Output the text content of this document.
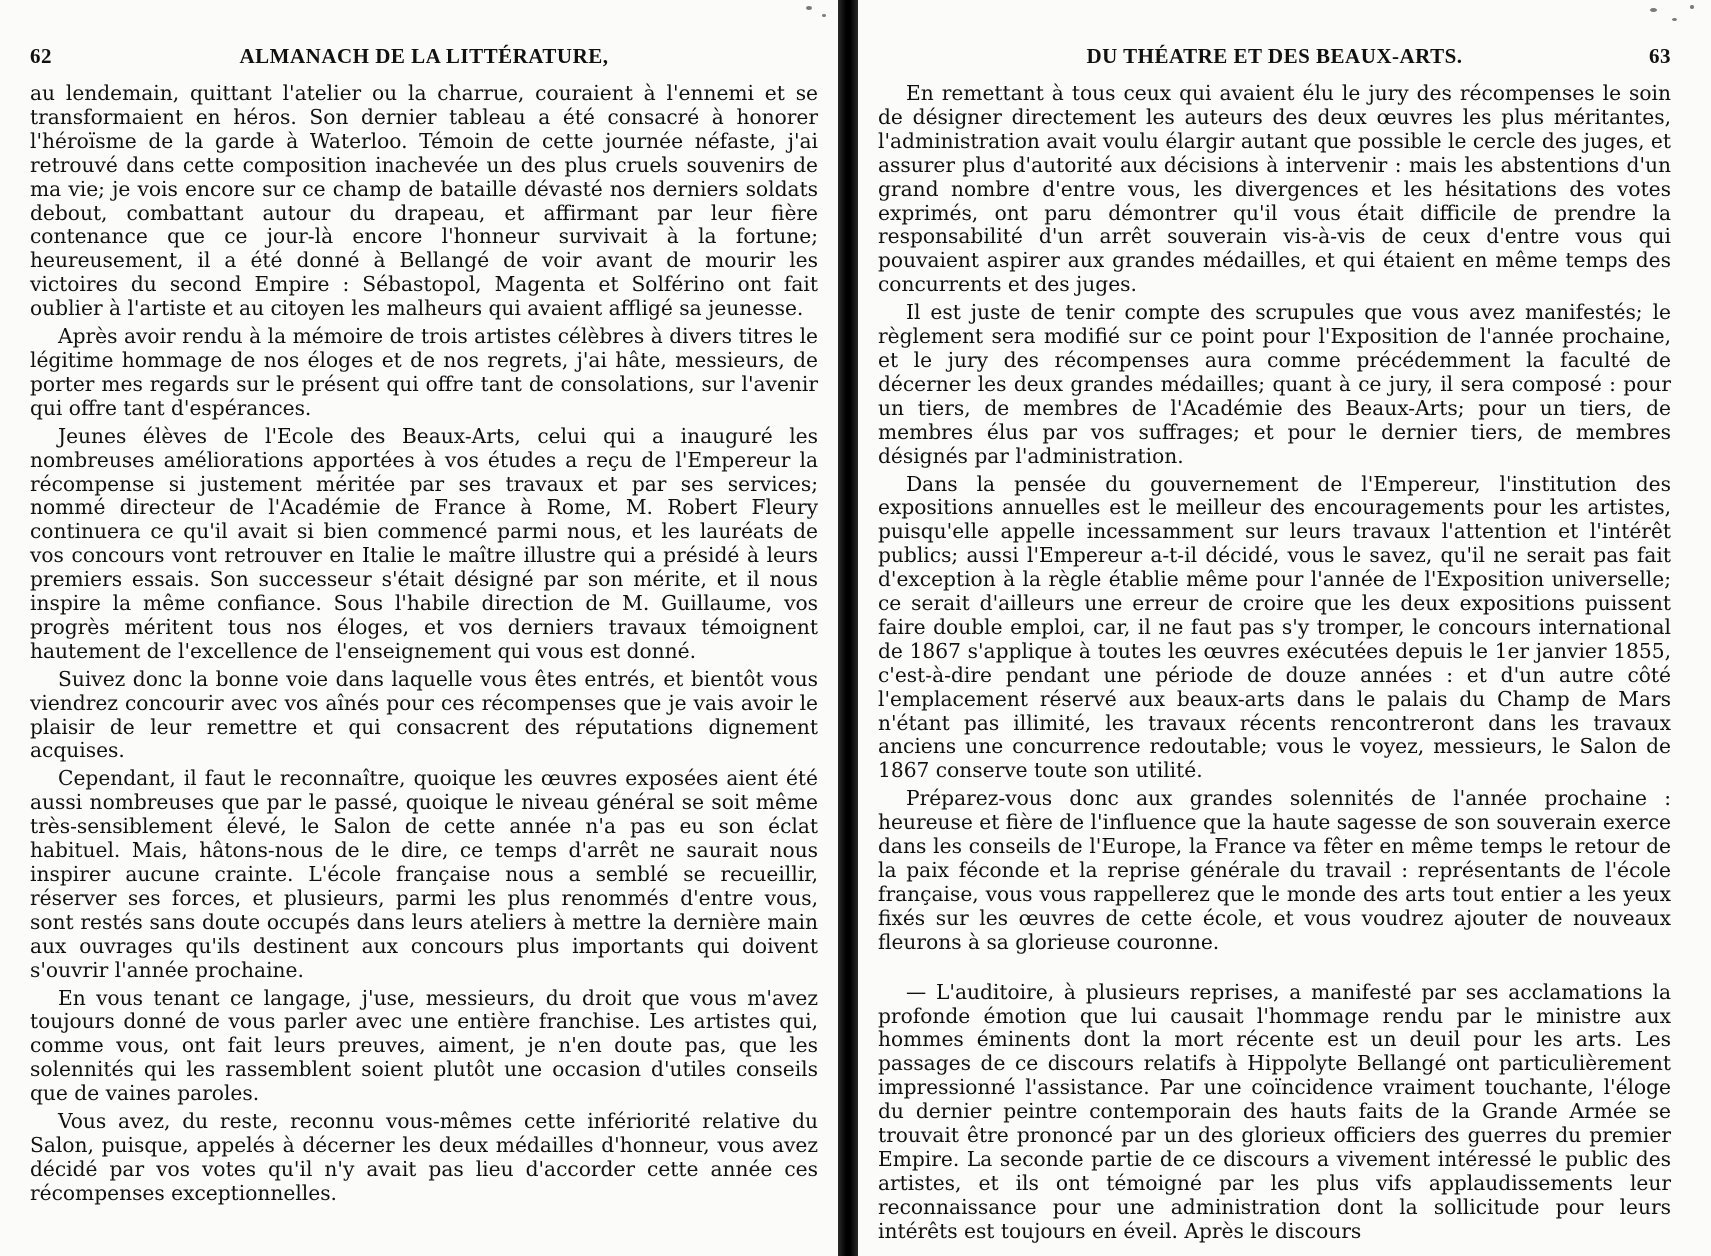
62	ALMANACH DE LA LITTÉRATURE,

au lendemain, quittant l'atelier ou la charrue, couraient à l'ennemi et se transformaient en héros. Son dernier tableau a été consacré à honorer l'héroïsme de la garde à Waterloo. Témoin de cette journée néfaste, j'ai retrouvé dans cette composition inachevée un des plus cruels souvenirs de ma vie; je vois encore sur ce champ de bataille dévasté nos derniers soldats debout, combattant autour du drapeau, et affirmant par leur fière contenance que ce jour-là encore l'honneur survivait à la fortune; heureusement, il a été donné à Bellangé de voir avant de mourir les victoires du second Empire : Sébastopol, Magenta et Solférino ont fait oublier à l'artiste et au citoyen les malheurs qui avaient affligé sa jeunesse.

Après avoir rendu à la mémoire de trois artistes célèbres à divers titres le légitime hommage de nos éloges et de nos regrets, j'ai hâte, messieurs, de porter mes regards sur le présent qui offre tant de consolations, sur l'avenir qui offre tant d'espérances.

Jeunes élèves de l'Ecole des Beaux-Arts, celui qui a inauguré les nombreuses améliorations apportées à vos études a reçu de l'Empereur la récompense si justement méritée par ses travaux et par ses services; nommé directeur de l'Académie de France à Rome, M. Robert Fleury continuera ce qu'il avait si bien commencé parmi nous, et les lauréats de vos concours vont retrouver en Italie le maître illustre qui a présidé à leurs premiers essais. Son successeur s'était désigné par son mérite, et il nous inspire la même confiance. Sous l'habile direction de M. Guillaume, vos progrès méritent tous nos éloges, et vos derniers travaux témoignent hautement de l'excellence de l'enseignement qui vous est donné.

Suivez donc la bonne voie dans laquelle vous êtes entrés, et bientôt vous viendrez concourir avec vos aînés pour ces récompenses que je vais avoir le plaisir de leur remettre et qui consacrent des réputations dignement acquises.

Cependant, il faut le reconnaître, quoique les œuvres exposées aient été aussi nombreuses que par le passé, quoique le niveau général se soit même très-sensiblement élevé, le Salon de cette année n'a pas eu son éclat habituel. Mais, hâtons-nous de le dire, ce temps d'arrêt ne saurait nous inspirer aucune crainte. L'école française nous a semblé se recueillir, réserver ses forces, et plusieurs, parmi les plus renommés d'entre vous, sont restés sans doute occupés dans leurs ateliers à mettre la dernière main aux ouvrages qu'ils destinent aux concours plus importants qui doivent s'ouvrir l'année prochaine.

En vous tenant ce langage, j'use, messieurs, du droit que vous m'avez toujours donné de vous parler avec une entière franchise. Les artistes qui, comme vous, ont fait leurs preuves, aiment, je n'en doute pas, que les solennités qui les rassemblent soient plutôt une occasion d'utiles conseils que de vaines paroles.

Vous avez, du reste, reconnu vous-mêmes cette infériorité relative du Salon, puisque, appelés à décerner les deux médailles d'honneur, vous avez décidé par vos votes qu'il n'y avait pas lieu d'accorder cette année ces récompenses exceptionnelles.

DU THÉATRE ET DES BEAUX-ARTS.	63

En remettant à tous ceux qui avaient élu le jury des récompenses le soin de désigner directement les auteurs des deux œuvres les plus méritantes, l'administration avait voulu élargir autant que possible le cercle des juges, et assurer plus d'autorité aux décisions à intervenir : mais les abstentions d'un grand nombre d'entre vous, les divergences et les hésitations des votes exprimés, ont paru démontrer qu'il vous était difficile de prendre la responsabilité d'un arrêt souverain vis-à-vis de ceux d'entre vous qui pouvaient aspirer aux grandes médailles, et qui étaient en même temps des concurrents et des juges.

Il est juste de tenir compte des scrupules que vous avez manifestés; le règlement sera modifié sur ce point pour l'Exposition de l'année prochaine, et le jury des récompenses aura comme précédemment la faculté de décerner les deux grandes médailles; quant à ce jury, il sera composé : pour un tiers, de membres de l'Académie des Beaux-Arts; pour un tiers, de membres élus par vos suffrages; et pour le dernier tiers, de membres désignés par l'administration.

Dans la pensée du gouvernement de l'Empereur, l'institution des expositions annuelles est le meilleur des encouragements pour les artistes, puisqu'elle appelle incessamment sur leurs travaux l'attention et l'intérêt publics; aussi l'Empereur a-t-il décidé, vous le savez, qu'il ne serait pas fait d'exception à la règle établie même pour l'année de l'Exposition universelle; ce serait d'ailleurs une erreur de croire que les deux expositions puissent faire double emploi, car, il ne faut pas s'y tromper, le concours international de 1867 s'applique à toutes les œuvres exécutées depuis le 1er janvier 1855, c'est-à-dire pendant une période de douze années : et d'un autre côté l'emplacement réservé aux beaux-arts dans le palais du Champ de Mars n'étant pas illimité, les travaux récents rencontreront dans les travaux anciens une concurrence redoutable; vous le voyez, messieurs, le Salon de 1867 conserve toute son utilité.

Préparez-vous donc aux grandes solennités de l'année prochaine : heureuse et fière de l'influence que la haute sagesse de son souverain exerce dans les conseils de l'Europe, la France va fêter en même temps le retour de la paix féconde et la reprise générale du travail : représentants de l'école française, vous vous rappellerez que le monde des arts tout entier a les yeux fixés sur les œuvres de cette école, et vous voudrez ajouter de nouveaux fleurons à sa glorieuse couronne.

— L'auditoire, à plusieurs reprises, a manifesté par ses acclamations la profonde émotion que lui causait l'hommage rendu par le ministre aux hommes éminents dont la mort récente est un deuil pour les arts. Les passages de ce discours relatifs à Hippolyte Bellangé ont particulièrement impressionné l'assistance. Par une coïncidence vraiment touchante, l'éloge du dernier peintre contemporain des hauts faits de la Grande Armée se trouvait être prononcé par un des glorieux officiers des guerres du premier Empire. La seconde partie de ce discours a vivement intéressé le public des artistes, et ils ont témoigné par les plus vifs applaudissements leur reconnaissance pour une administration dont la sollicitude pour leurs intérêts est toujours en éveil. Après le discours
